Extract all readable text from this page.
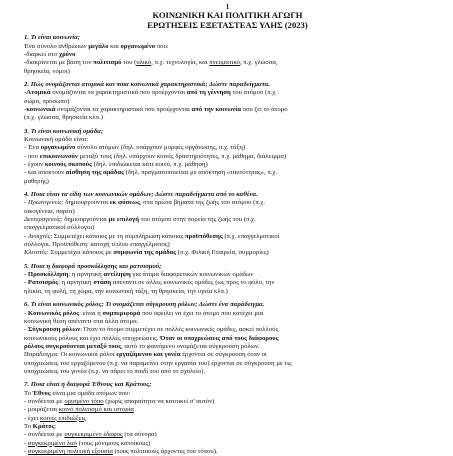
1
ΚΟΙΝΩΝΙΚΗ ΚΑΙ ΠΟΛΙΤΙΚΗ ΑΓΩΓΗ
ΕΡΩΤΗΣΕΙΣ ΕΞΕΤΑΣΤΕΑΣ ΥΛΗΣ (2023)
1. Τι είναι κοινωνία;
Ένα σύνολο ανθρώπων μεγάλο και οργανωμένο που:
-διαρκεί στο χρόνο
-διακρίνεται με βάση τον πολιτισμό του (υλικό, π.χ. τεχνολογία, και πνευματικό, π.χ. γλώσσα,
θρησκεία, νόμοι)
2. Πώς ονομάζονται ατομικά και ποια κοινωνικά χαρακτηριστικά; Δώστε παραδείγματα.
-Ατομικά ονομάζονται τα χαρακτηριστικά που προέρχονται από τη γέννηση του ατόμου (π.χ.
σώμα, πρόσωπο)
-κοινωνικά ονομάζονται τα χαρακτηριστικά που προέρχονται από την κοινωνία που ζει το άτομο
(π.χ. γλώσσα, θρησκεία κλπ.)
3. Τι είναι κοινωνική ομάδα;
Κοινωνική ομάδα είναι:
- Ένα οργανωμένο σύνολο ατόμων (δηλ. υπάρχουν μορφές οργάνωσης, π.χ. τάξη)
- που επικοινωνούν μεταξύ τους (δηλ. υπάρχουν κοινές δραστηριότητες, π.χ. μάθημα, διάλειμμα)
- έχουν κοινούς σκοπούς (δηλ. επιδιώκεται κάτι κοινό, π.χ. μάθηση)
- και αποκτούν αίσθηση της ομάδας (δηλ. πραγματοποιείται με απόκτηση «ταυτότητας», π.χ.
μαθητής)
4. Ποια είναι τα είδη των κοινωνικών ομάδων; Δώστε παραδείγματα από το καθένα.
- Πρωτογενείς: δημιουργούνται εκ φύσεως, στα πρώτα βήματα της ζωής του ατόμου (π.χ.
οικογένεια, παρέα)
Δευτερογενείς: δημιουργούνται με επιλογή του ατόμου στην πορεία της ζωής του (π.χ.
επαγγελματικοί σύλλογοι)
- Ανοιχτές: Συμμετέχει κάποιος με τη συμπλήρωση κάποιας προϋπόθεσης (π.χ. επαγγελματικοί
σύλλογοι. Προϋπόθεση: κατοχή τίτλου επαγγέλματος)
Κλειστές: Συμμετέχει κάποιος με συμφωνία της ομάδας (π.χ. Φιλική Εταιρεία, συμμορίες)
5. Ποια η διαφορά προσκόλλησης και ρατσισμού;
- Προσκόλληση: η αρνητική αντίληψη για άτομα διαφορετικών κοινωνικών ομάδων
- Ρατσισμός: η αρνητική στάση απέναντι σε άλλες κοινωνικές ομάδες (ως προς το φύλο, την
ηλικία, τη φυλή, τη χώρα, την κοινωνική τάξη, τη θρησκεία, την υγεία κλπ.)
6. Τι είναι κοινωνικός ρόλος; Τι ονομάζεται σύγκρουση ρόλων; Δώστε ένα παράδειγμα.
- Κοινωνικός ρόλος: είναι η συμπεριφορά που οφείλει να έχει το άτομο που κατέχει μια
κοινωνική θέση απέναντι στα άλλα άτομα.
- Σύγκρουση ρόλων: Όταν το άτομο συμμετέχει σε πολλές κοινωνικές ομάδες, ασκεί πολλούς
κοινωνικούς ρόλους και έχει πολλές υποχρεώσεις. Όταν οι υποχρεώσεις από τους διάφορους
ρόλους συγκρούονται μεταξύ τους, αυτό το φαινόμενο ονομάζεται σύγκρουση ρόλων.
Παράδειγμα: Οι κοινωνικοί ρόλοι εργαζόμενου και γονέα έρχονται σε σύγκρουση όταν οι
υποχρεώσεις του εργαζόμενου (π.χ. να παραμείνει στην εργασία του) έρχονται σε σύγκρουση με τις
υποχρεώσεις του γονέα (π.χ. να πάρει το παιδί του από το σχολείο).
7. Ποια είναι η διαφορά Έθνους και Κράτους;
Το Έθνος είναι μια ομάδα ατόμων που:
- συνδέεται με ορισμένο τόπο (χωρίς απαραίτητα να κατοικεί σ' αυτόν)
- μοιράζεται κοινό πολιτισμό και ιστορία
- έχει κοινές επιδιώξεις
Το Κράτος:
- συνδέεται με συγκεκριμένο έδαφος (τα σύνορα)
- συγκεκριμένο λαό (τους μόνιμους κατοίκους)
- συγκεκριμένη πολιτική εξουσία (τους πολιτικούς άρχοντες του τόπου).
